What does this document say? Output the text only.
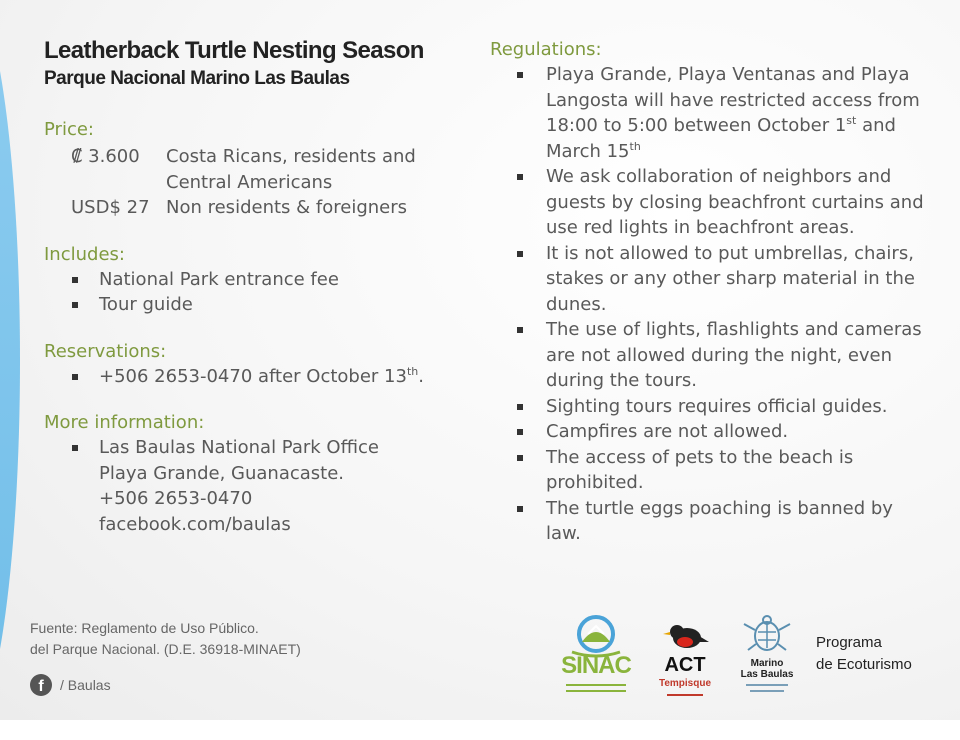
Leatherback Turtle Nesting Season
Parque Nacional Marino Las Baulas

Price:

₡ 3.600	Costa Ricans, residents and
Central Americans
USD$ 27 Non residents & foreigners

Includes:

National Park entrance fee
Tour guide

Reservations:

+506 2653-0470 after October 13th.

More information:

Las Baulas National Park Office
Playa Grande, Guanacaste.
+506 2653-0470
facebook.com/baulas

Regulations:

Playa Grande, Playa Ventanas and Playa Langosta will have restricted access from 18:00 to 5:00 between October 1st and March 15th
We ask collaboration of neighbors and guests by closing beachfront curtains and use red lights in beachfront areas.
It is not allowed to put umbrellas, chairs, stakes or any other sharp material in the dunes.
The use of lights, flashlights and cameras are not allowed during the night, even during the tours.
Sighting tours requires official guides.
Campfires are not allowed.
The access of pets to the beach is prohibited.
The turtle eggs poaching is banned by law.
Fuente: Reglamento de Uso Público.
del Parque Nacional. (D.E. 36918-MINAET)
f	/ Baulas
SINAC	ACT
Tempisque
Marino
Las Baulas
Programa
de Ecoturismo
